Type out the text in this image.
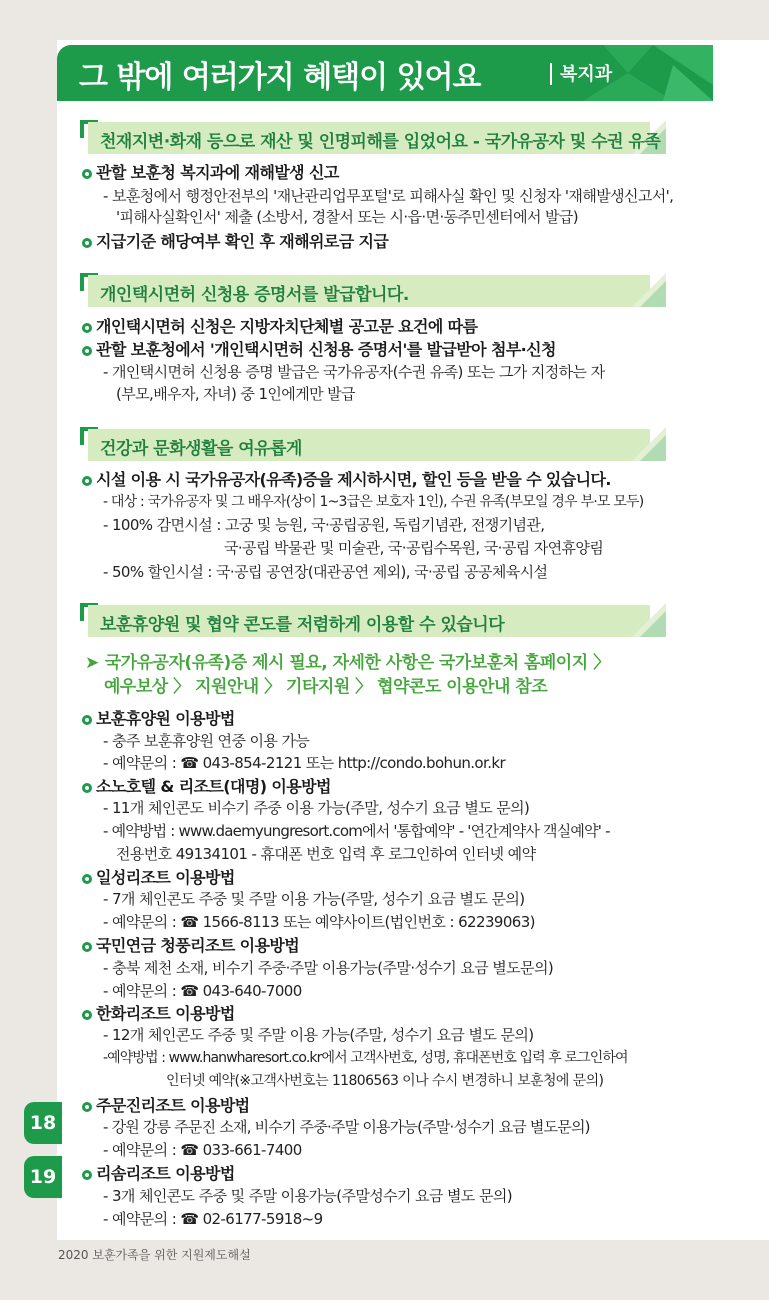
그 밖에 여러가지 혜택이 있어요	복지과
천재지변·화재 등으로 재산 및 인명피해를 입었어요 - 국가유공자 및 수권 유족
관할 보훈청 복지과에 재해발생 신고
- 보훈청에서 행정안전부의 '재난관리업무포털'로 피해사실 확인 및 신청자 '재해발생신고서',
'피해사실확인서' 제출 (소방서, 경찰서 또는 시·읍·면·동주민센터에서 발급)
지급기준 해당여부 확인 후 재해위로금 지급
개인택시면허 신청용 증명서를 발급합니다.
개인택시면허 신청은 지방자치단체별 공고문 요건에 따름
관할 보훈청에서 '개인택시면허 신청용 증명서'를 발급받아 첨부·신청
- 개인택시면허 신청용 증명 발급은 국가유공자(수권 유족) 또는 그가 지정하는 자
(부모,배우자, 자녀) 중 1인에게만 발급
건강과 문화생활을 여유롭게
시설 이용 시 국가유공자(유족)증을 제시하시면, 할인 등을 받을 수 있습니다.
- 대상 : 국가유공자 및 그 배우자(상이 1~3급은 보호자 1인), 수권 유족(부모일 경우 부·모 모두)
- 100% 감면시설 : 고궁 및 능원, 국·공립공원, 독립기념관, 전쟁기념관,
국·공립 박물관 및 미술관, 국·공립수목원, 국·공립 자연휴양림
- 50% 할인시설 : 국·공립 공연장(대관공연 제외), 국·공립 공공체육시설
보훈휴양원 및 협약 콘도를 저렴하게 이용할 수 있습니다
➤ 국가유공자(유족)증 제시 필요, 자세한 사항은 국가보훈처 홈페이지 〉
예우보상 〉 지원안내 〉 기타지원 〉 협약콘도 이용안내 참조
보훈휴양원 이용방법
- 충주 보훈휴양원 연중 이용 가능
- 예약문의 : ☎ 043-854-2121 또는 http://condo.bohun.or.kr
소노호텔 & 리조트(대명) 이용방법
- 11개 체인콘도 비수기 주중 이용 가능(주말, 성수기 요금 별도 문의)
- 예약방법 : www.daemyungresort.com에서 '통합예약' - '연간계약사 객실예약' -
전용번호 49134101 - 휴대폰 번호 입력 후 로그인하여 인터넷 예약
일성리조트 이용방법
- 7개 체인콘도 주중 및 주말 이용 가능(주말, 성수기 요금 별도 문의)
- 예약문의 : ☎ 1566-8113 또는 예약사이트(법인번호 : 62239063)
국민연금 청풍리조트 이용방법
- 충북 제천 소재, 비수기 주중·주말 이용가능(주말·성수기 요금 별도문의)
- 예약문의 : ☎ 043-640-7000
한화리조트 이용방법
- 12개 체인콘도 주중 및 주말 이용 가능(주말, 성수기 요금 별도 문의)
-예약방법 : www.hanwharesort.co.kr에서 고객사번호, 성명, 휴대폰번호 입력 후 로그인하여
인터넷 예약(※고객사번호는 11806563 이나 수시 변경하니 보훈청에 문의)
주문진리조트 이용방법
- 강원 강릉 주문진 소재, 비수기 주중·주말 이용가능(주말·성수기 요금 별도문의)
- 예약문의 : ☎ 033-661-7400
리솜리조트 이용방법
- 3개 체인콘도 주중 및 주말 이용가능(주말성수기 요금 별도 문의)
- 예약문의 : ☎ 02-6177-5918~9
18
19
2020 보훈가족을 위한 지원제도해설
